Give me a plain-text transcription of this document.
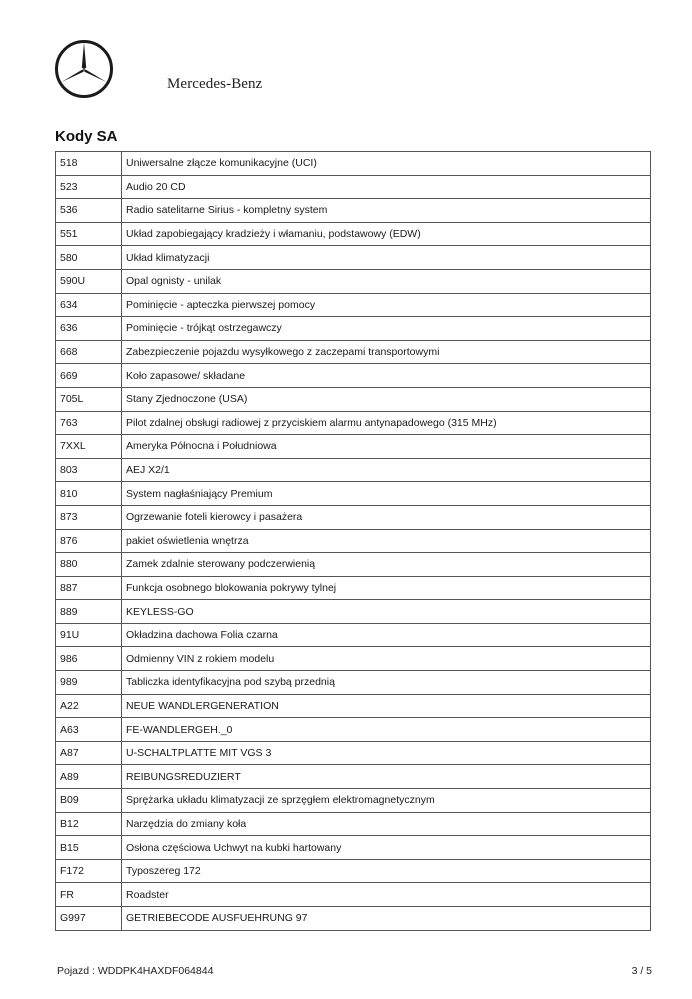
Mercedes-Benz
Kody SA
518	Uniwersalne złącze komunikacyjne (UCI)
523	Audio 20 CD
536	Radio satelitarne Sirius - kompletny system
551	Układ zapobiegający kradzieży i włamaniu, podstawowy (EDW)
580	Układ klimatyzacji
590U	Opal ognisty - unilak
634	Pominięcie - apteczka pierwszej pomocy
636	Pominięcie - trójkąt ostrzegawczy
668	Zabezpieczenie pojazdu wysyłkowego z zaczepami transportowymi
669	Koło zapasowe/ składane
705L	Stany Zjednoczone (USA)
763	Pilot zdalnej obsługi radiowej z przyciskiem alarmu antynapadowego (315 MHz)
7XXL	Ameryka Północna i Południowa
803	AEJ X2/1
810	System nagłaśniający Premium
873	Ogrzewanie foteli kierowcy i pasażera
876	pakiet oświetlenia wnętrza
880	Zamek zdalnie sterowany podczerwienią
887	Funkcja osobnego blokowania pokrywy tylnej
889	KEYLESS-GO
91U	Okładzina dachowa Folia czarna
986	Odmienny VIN z rokiem modelu
989	Tabliczka identyfikacyjna pod szybą przednią
A22	NEUE WANDLERGENERATION
A63	FE-WANDLERGEH._0
A87	U-SCHALTPLATTE MIT VGS 3
A89	REIBUNGSREDUZIERT
B09	Sprężarka układu klimatyzacji ze sprzęgłem elektromagnetycznym
B12	Narzędzia do zmiany koła
B15	Osłona częściowa Uchwyt na kubki hartowany
F172	Typoszereg 172
FR	Roadster
G997	GETRIEBECODE AUSFUEHRUNG 97
Pojazd : WDDPK4HAXDF064844	3 / 5
